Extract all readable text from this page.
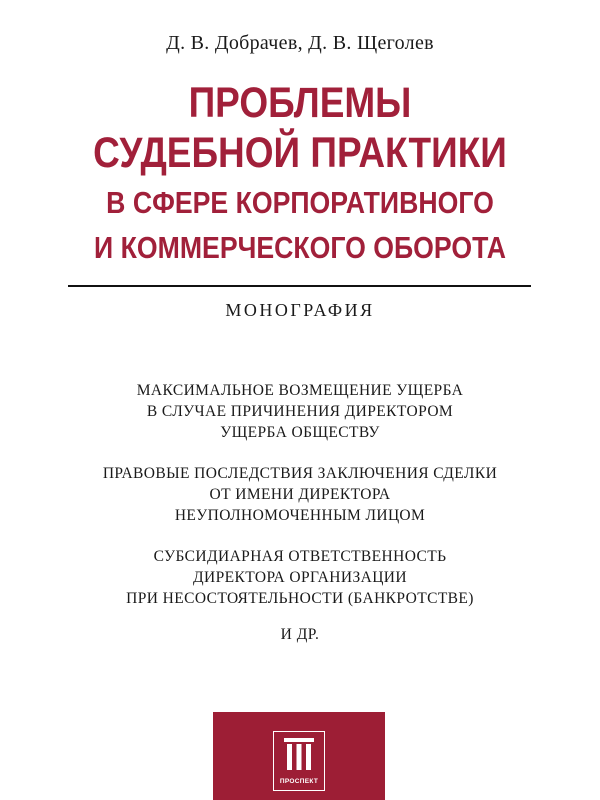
Д. В. Добрачев, Д. В. Щеголев
ПРОБЛЕМЫ
СУДЕБНОЙ ПРАКТИКИ
В СФЕРЕ КОРПОРАТИВНОГО
И КОММЕРЧЕСКОГО ОБОРОТА
МОНОГРАФИЯ
МАКСИМАЛЬНОЕ ВОЗМЕЩЕНИЕ УЩЕРБА
В СЛУЧАЕ ПРИЧИНЕНИЯ ДИРЕКТОРОМ
УЩЕРБА ОБЩЕСТВУ
ПРАВОВЫЕ ПОСЛЕДСТВИЯ ЗАКЛЮЧЕНИЯ СДЕЛКИ
ОТ ИМЕНИ ДИРЕКТОРА
НЕУПОЛНОМОЧЕННЫМ ЛИЦОМ
СУБСИДИАРНАЯ ОТВЕТСТВЕННОСТЬ
ДИРЕКТОРА ОРГАНИЗАЦИИ
ПРИ НЕСОСТОЯТЕЛЬНОСТИ (БАНКРОТСТВЕ)
И ДР.
ПРОСПЕКТ
